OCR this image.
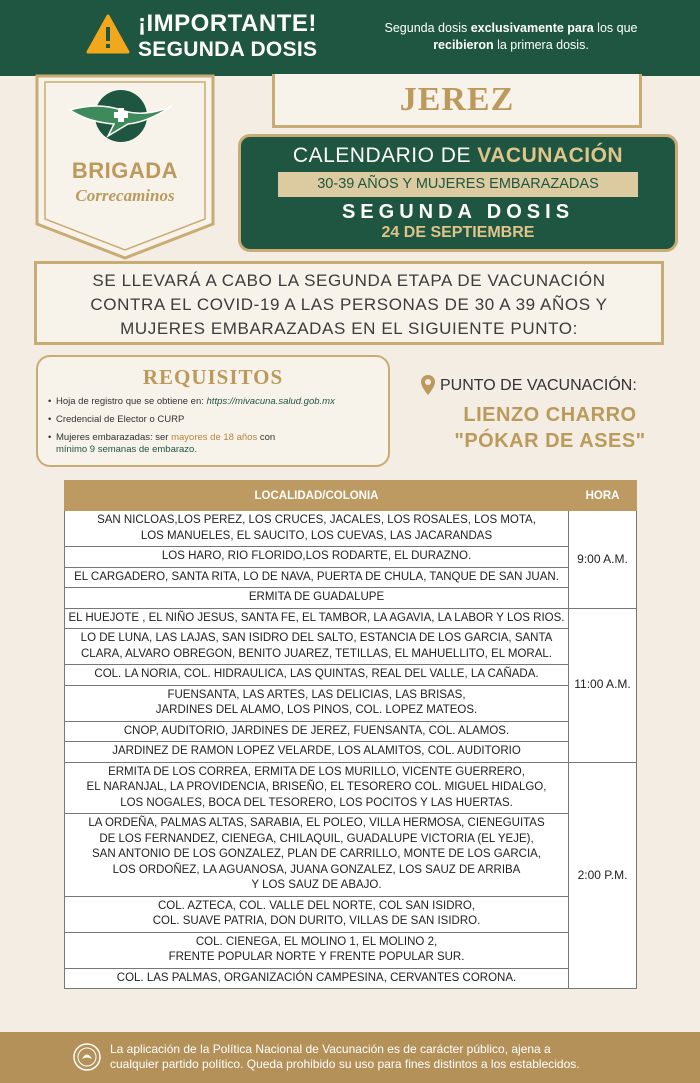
¡IMPORTANTE!
SEGUNDA DOSIS
Segunda dosis exclusivamente para los que recibieron la primera dosis.
BRIGADA
Correcaminos
JEREZ
CALENDARIO DE VACUNACIÓN
30-39 AÑOS Y MUJERES EMBARAZADAS
SEGUNDA DOSIS
24 DE SEPTIEMBRE
SE LLEVARÁ A CABO LA SEGUNDA ETAPA DE VACUNACIÓN
CONTRA EL COVID-19 A LAS PERSONAS DE 30 A 39 AÑOS Y
MUJERES EMBARAZADAS EN EL SIGUIENTE PUNTO:
REQUISITOS
• Hoja de registro que se obtiene en: https://mivacuna.salud.gob.mx
• Credencial de Elector o CURP
• Mujeres embarazadas: ser mayores de 18 años con
mínimo 9 semanas de embarazo.
PUNTO DE VACUNACIÓN:
LIENZO CHARRO
"PÓKAR DE ASES"
LOCALIDAD/COLONIA	HORA

SAN NICLOAS,LOS PEREZ, LOS CRUCES, JACALES, LOS ROSALES, LOS MOTA,
LOS MANUELES, EL SAUCITO, LOS CUEVAS, LAS JACARANDAS	9:00 A.M.

LOS HARO, RIO FLORIDO,LOS RODARTE, EL DURAZNO.	

EL CARGADERO, SANTA RITA, LO DE NAVA, PUERTA DE CHULA, TANQUE DE SAN JUAN.	

ERMITA DE GUADALUPE	

EL HUEJOTE , EL NIÑO JESUS, SANTA FE, EL TAMBOR, LA AGAVIA, LA LABOR Y LOS RIOS.	11:00 A.M.

LO DE LUNA, LAS LAJAS, SAN ISIDRO DEL SALTO, ESTANCIA DE LOS GARCIA, SANTA
CLARA, ALVARO OBREGON, BENITO JUAREZ, TETILLAS, EL MAHUELLITO, EL MORAL.	

COL. LA NORIA, COL. HIDRAULICA, LAS QUINTAS, REAL DEL VALLE, LA CAÑADA.	

FUENSANTA, LAS ARTES, LAS DELICIAS, LAS BRISAS,
JARDINES DEL ALAMO, LOS PINOS, COL. LOPEZ MATEOS.	

CNOP, AUDITORIO, JARDINES DE JEREZ, FUENSANTA, COL. ALAMOS.	

JARDINEZ DE RAMON LOPEZ VELARDE, LOS ALAMITOS, COL. AUDITORIO	

ERMITA DE LOS CORREA, ERMITA DE LOS MURILLO, VICENTE GUERRERO,
EL NARANJAL, LA PROVIDENCIA, BRISEÑO, EL TESORERO COL. MIGUEL HIDALGO,
LOS NOGALES, BOCA DEL TESORERO, LOS POCITOS Y LAS HUERTAS.	2:00 P.M.

LA ORDEÑA, PALMAS ALTAS, SARABIA, EL POLEO, VILLA HERMOSA, CIENEGUITAS
DE LOS FERNANDEZ, CIENEGA, CHILAQUIL, GUADALUPE VICTORIA (EL YEJE),
SAN ANTONIO DE LOS GONZALEZ, PLAN DE CARRILLO, MONTE DE LOS GARCIA,
LOS ORDOÑEZ, LA AGUANOSA, JUANA GONZALEZ, LOS SAUZ DE ARRIBA
Y LOS SAUZ DE ABAJO.	

COL. AZTECA, COL. VALLE DEL NORTE, COL SAN ISIDRO,
COL. SUAVE PATRIA, DON DURITO, VILLAS DE SAN ISIDRO.	

COL. CIENEGA, EL MOLINO 1, EL MOLINO 2,
FRENTE POPULAR NORTE Y FRENTE POPULAR SUR.	

COL. LAS PALMAS, ORGANIZACIÓN CAMPESINA, CERVANTES CORONA.	
La aplicación de la Política Nacional de Vacunación es de carácter público, ajena a
cualquier partido político. Queda prohibido su uso para fines distintos a los establecidos.
